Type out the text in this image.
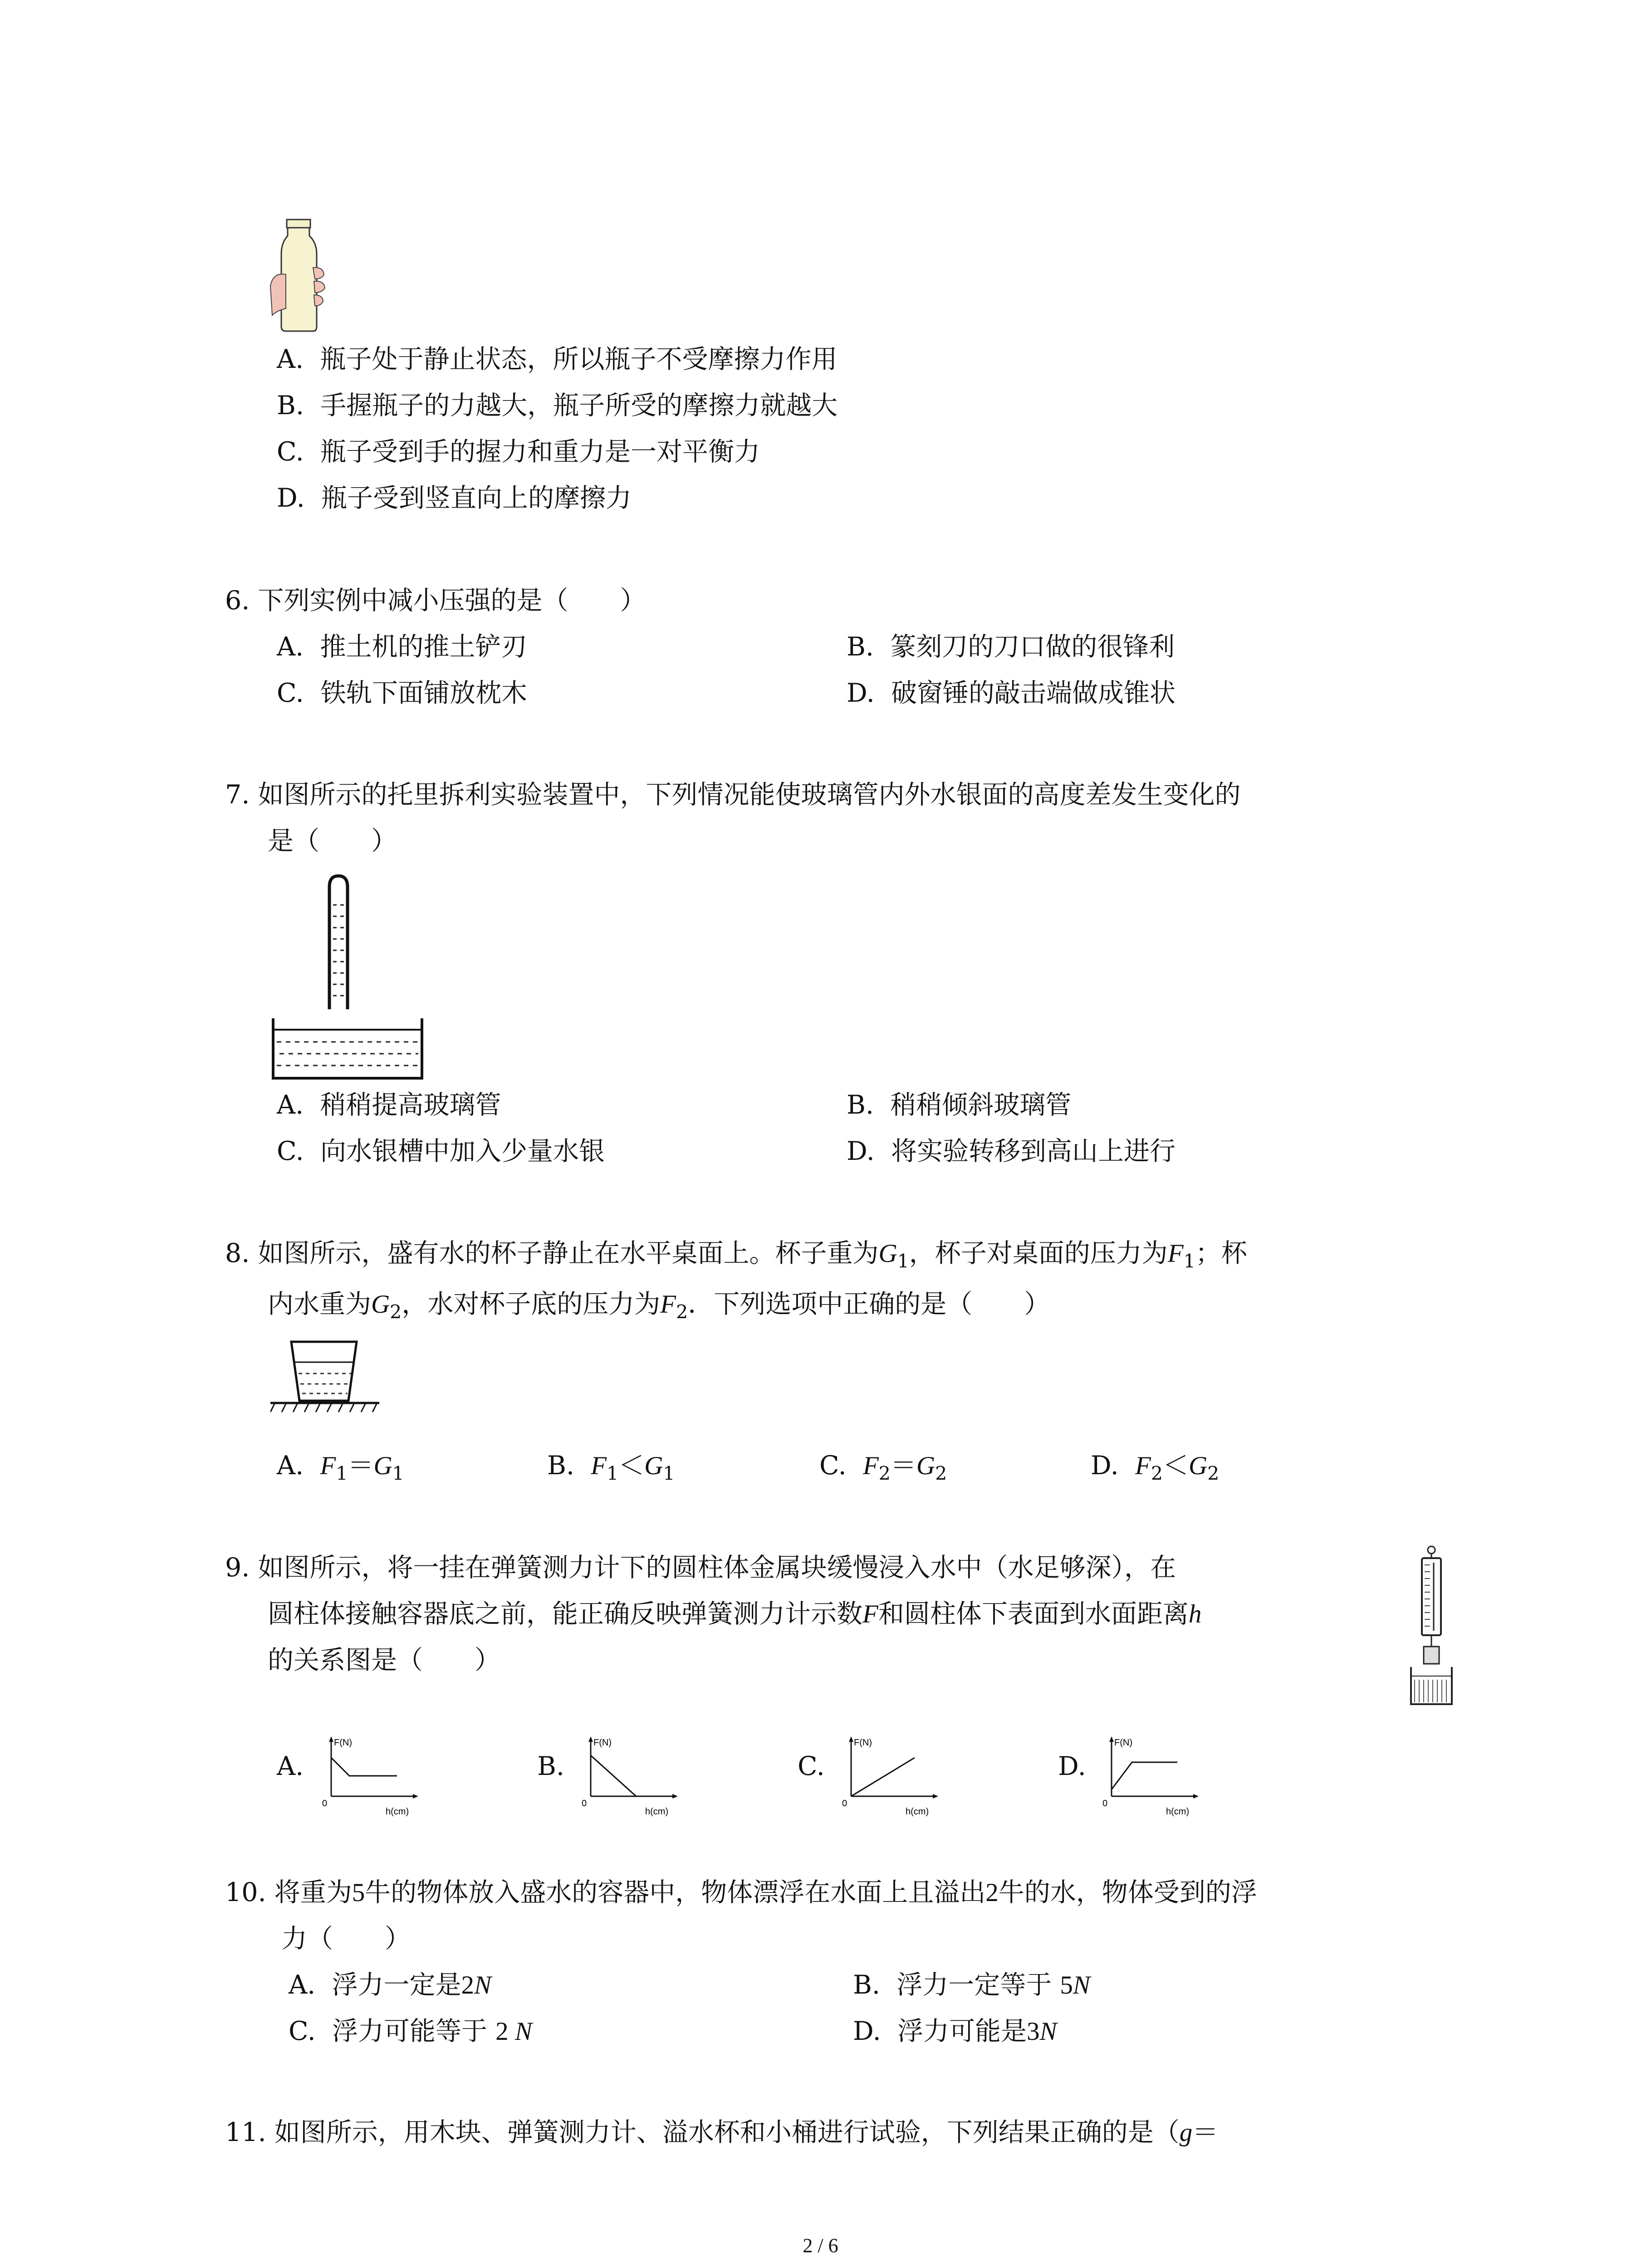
A. 瓶子处于静止状态，所以瓶子不受摩擦力作用
B. 手握瓶子的力越大，瓶子所受的摩擦力就越大
C. 瓶子受到手的握力和重力是一对平衡力
D. 瓶子受到竖直向上的摩擦力
6. 下列实例中减小压强的是（　　）
A. 推土机的推土铲刃	B. 篆刻刀的刀口做的很锋利
C. 铁轨下面铺放枕木	D. 破窗锤的敲击端做成锥状
7. 如图所示的托里拆利实验装置中，下列情况能使玻璃管内外水银面的高度差发生变化的
是（　　）
A. 稍稍提高玻璃管	B. 稍稍倾斜玻璃管
C. 向水银槽中加入少量水银	D. 将实验转移到高山上进行
8. 如图所示，盛有水的杯子静止在水平桌面上。杯子重为$G_1$，杯子对桌面的压力为$F_1$；杯
内水重为$G_2$，水对杯子底的压力为$F_2$．下列选项中正确的是（　　）
A. $F_1=G_1$	B. $F_1<G_1$	C. $F_2=G_2$	D. $F_2<G_2$
9. 如图所示，将一挂在弹簧测力计下的圆柱体金属块缓慢浸入水中（水足够深），在
圆柱体接触容器底之前，能正确反映弹簧测力计示数F和圆柱体下表面到水面距离h
的关系图是（　　）
A.
F(N)
0
h(cm)
B.
F(N)
0
h(cm)
C.
F(N)
0
h(cm)
D.
F(N)
0
h(cm)
10. 将重为5牛的物体放入盛水的容器中，物体漂浮在水面上且溢出2牛的水，物体受到的浮
力（　　）
A. 浮力一定是2N	B. 浮力一定等于 5N
C. 浮力可能等于 2 N	D. 浮力可能是3N
11. 如图所示，用木块、弹簧测力计、溢水杯和小桶进行试验，下列结果正确的是（g＝
2 / 6
